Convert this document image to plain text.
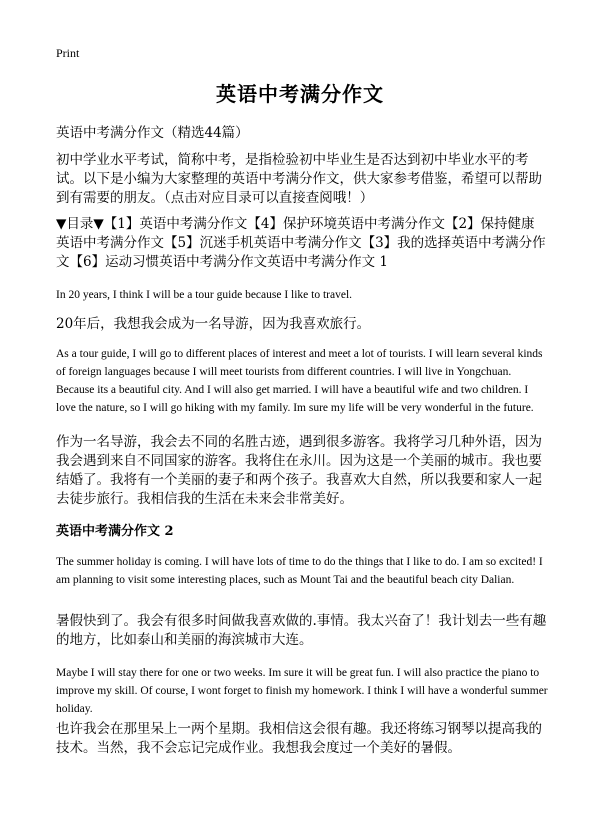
Print
英语中考满分作文
英语中考满分作文（精选44篇）
初中学业水平考试，简称中考，是指检验初中毕业生是否达到初中毕业水平的考试。以下是小编为大家整理的英语中考满分作文，供大家参考借鉴，希望可以帮助到有需要的朋友。（点击对应目录可以直接查阅哦！）
▼目录▼【1】英语中考满分作文【4】保护环境英语中考满分作文【2】保持健康英语中考满分作文【5】沉迷手机英语中考满分作文【3】我的选择英语中考满分作文【6】运动习惯英语中考满分作文英语中考满分作文 1
In 20 years, I think I will be a tour guide because I like to travel.
20年后，我想我会成为一名导游，因为我喜欢旅行。
As a tour guide, I will go to different places of interest and meet a lot of tourists. I will learn several kinds of foreign languages because I will meet tourists from different countries. I will live in Yongchuan. Because its a beautiful city. And I will also get married. I will have a beautiful wife and two children. I love the nature, so I will go hiking with my family. Im sure my life will be very wonderful in the future.
作为一名导游，我会去不同的名胜古迹，遇到很多游客。我将学习几种外语，因为我会遇到来自不同国家的游客。我将住在永川。因为这是一个美丽的城市。我也要结婚了。我将有一个美丽的妻子和两个孩子。我喜欢大自然，所以我要和家人一起去徒步旅行。我相信我的生活在未来会非常美好。
英语中考满分作文 2
The summer holiday is coming. I will have lots of time to do the things that I like to do. I am so excited! I am planning to visit some interesting places, such as Mount Tai and the beautiful beach city Dalian.
暑假快到了。我会有很多时间做我喜欢做的.事情。我太兴奋了！我计划去一些有趣的地方，比如泰山和美丽的海滨城市大连。
Maybe I will stay there for one or two weeks. Im sure it will be great fun. I will also practice the piano to improve my skill. Of course, I wont forget to finish my homework. I think I will have a wonderful summer holiday.
也许我会在那里呆上一两个星期。我相信这会很有趣。我还将练习钢琴以提高我的技术。当然，我不会忘记完成作业。我想我会度过一个美好的暑假。
